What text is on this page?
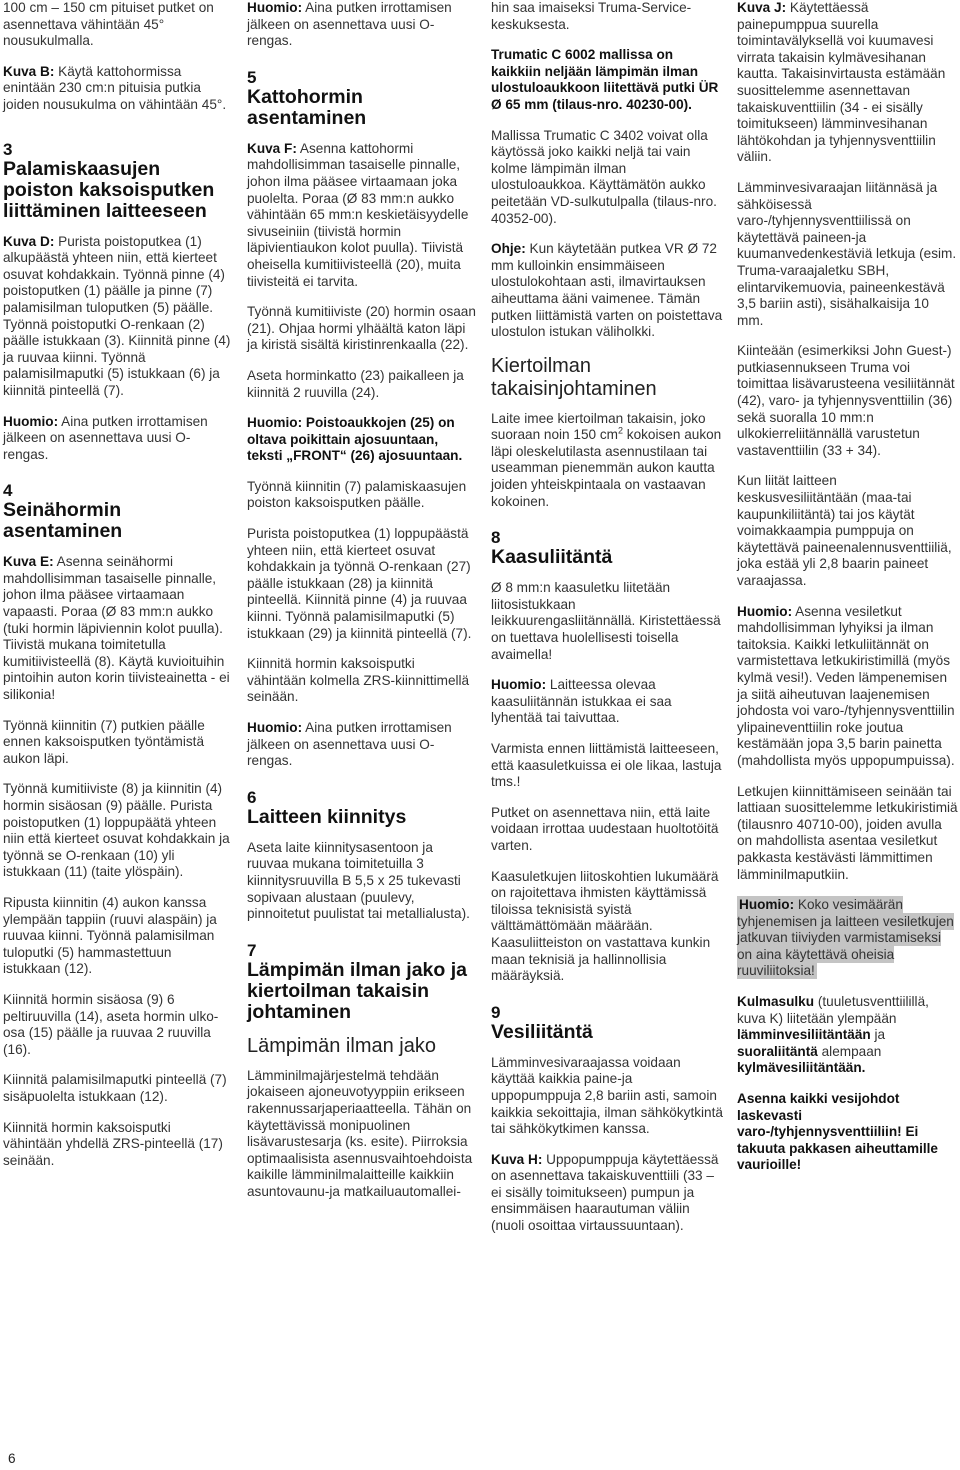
100 cm – 150 cm pituiset putket on asennettava vähintään 45° nousukulmalla.

Kuva B: Käytä kattohormissa enintään 230 cm:n pituisia putkia joiden nousukulma on vähintään 45°.

3
Palamiskaasujen poiston kaksoisputken liittäminen laitteeseen

Kuva D: Purista poistoputkea (1) alkupäästä yhteen niin, että kierteet osuvat kohdakkain. Työnnä pinne (4) poistoputken (1) päälle ja pinne (7) palamisilman tuloputken (5) päälle. Työnnä poistoputki O-renkaan (2) päälle istukkaan (3). Kiinnitä pinne (4) ja ruuvaa kiinni. Työnnä palamisilmaputki (5) istukkaan (6) ja kiinnitä pinteellä (7).

Huomio: Aina putken irrottamisen jälkeen on asennettava uusi O-rengas.

4
Seinähormin asentaminen

Kuva E: Asenna seinähormi mahdollisimman tasaiselle pinnalle, johon ilma pääsee virtaamaan vapaasti. Poraa (Ø 83 mm:n aukko (tuki hormin läpiviennin kolot puulla). Tiivistä mukana toimitetulla kumitiivisteellä (8). Käytä kuvioituihin pintoihin auton korin tiivisteainetta - ei silikonia!

Työnnä kiinnitin (7) putkien päälle ennen kaksoisputken työntämistä aukon läpi.

Työnnä kumitiiviste (8) ja kiinnitin (4) hormin sisäosan (9) päälle. Purista poistoputken (1) loppupäätä yhteen niin että kierteet osuvat kohdakkain ja työnnä se O-renkaan (10) yli istukkaan (11) (taite ylöspäin).

Ripusta kiinnitin (4) aukon kanssa ylempään tappiin (ruuvi alaspäin) ja ruuvaa kiinni. Työnnä palamisilman tuloputki (5) hammastettuun istukkaan (12).

Kiinnitä hormin sisäosa (9) 6 peltiruuvilla (14), aseta hormin ulko-osa (15) päälle ja ruuvaa 2 ruuvilla (16).

Kiinnitä palamisilmaputki pinteellä (7) sisäpuolelta istukkaan (12).

Kiinnitä hormin kaksoisputki vähintään yhdellä ZRS-pinteellä (17) seinään.

Huomio: Aina putken irrottamisen jälkeen on asennettava uusi O-rengas.

5
Kattohormin asentaminen

Kuva F: Asenna kattohormi mahdollisimman tasaiselle pinnalle, johon ilma pääsee virtaamaan joka puolelta. Poraa (Ø 83 mm:n aukko vähintään 65 mm:n keskietäisyydelle sivuseiniin (tiivistä hormin läpivientiaukon kolot puulla). Tiivistä oheisella kumitiivisteellä (20), muita tiivisteitä ei tarvita.

Työnnä kumitiiviste (20) hormin osaan (21). Ohjaa hormi ylhäältä katon läpi ja kiristä sisältä kiristinrenkaalla (22).

Aseta horminkatto (23) paikalleen ja kiinnitä 2 ruuvilla (24).

Huomio: Poistoaukkojen (25) on oltava poikittain ajosuuntaan, teksti „FRONT“ (26) ajosuuntaan.

Työnnä kiinnitin (7) palamiskaasujen poiston kaksoisputken päälle.

Purista poistoputkea (1) loppupäästä yhteen niin, että kierteet osuvat kohdakkain ja työnnä O-renkaan (27) päälle istukkaan (28) ja kiinnitä pinteellä. Kiinnitä pinne (4) ja ruuvaa kiinni. Työnnä palamisilmaputki (5) istukkaan (29) ja kiinnitä pinteellä (7).

Kiinnitä hormin kaksoisputki vähintään kolmella ZRS-kiinnittimellä seinään.

Huomio: Aina putken irrottamisen jälkeen on asennettava uusi O-rengas.

6
Laitteen kiinnitys

Aseta laite kiinnitysasentoon ja ruuvaa mukana toimitetuilla 3 kiinnitysruuvilla B 5,5 x 25 tukevasti sopivaan alustaan (puulevy, pinnoitetut puulistat tai metallialusta).

7
Lämpimän ilman jako ja kiertoilman takaisin johtaminen
Lämpimän ilman jako

Lämminilmajärjestelmä tehdään jokaiseen ajoneuvotyyppiin erikseen rakennussarjaperiaatteella. Tähän on käytettävissä monipuolinen lisävarustesarja (ks. esite). Piirroksia optimaalisista asennusvaihtoehdoista kaikille lämminilmalaitteille kaikkiin asuntovaunu-ja matkailuautomallei-

hin saa imaiseksi Truma-Service-keskuksesta.

Trumatic C 6002 mallissa on kaikkiin neljään lämpimän ilman ulostuloaukkoon liitettävä putki ÜR Ø 65 mm (tilaus-nro. 40230-00).

Mallissa Trumatic C 3402 voivat olla käytössä joko kaikki neljä tai vain kolme lämpimän ilman ulostuloaukkoa. Käyttämätön aukko peitetään VD-sulkutulpalla (tilaus-nro. 40352-00).

Ohje: Kun käytetään putkea VR Ø 72 mm kulloinkin ensimmäiseen ulostulokohtaan asti, ilmavirtauksen aiheuttama ääni vaimenee. Tämän putken liittämistä varten on poistettava ulostulon istukan väliholkki.

Kiertoilman takaisinjohtaminen

Laite imee kiertoilman takaisin, joko suoraan noin 150 $cm^2$ kokoisen aukon läpi oleskelutilasta asennustilaan tai useamman pienemmän aukon kautta joiden yhteiskpintaala on vastaavan kokoinen.

8
Kaasuliitäntä

Ø 8 mm:n kaasuletku liitetään liitosistukkaan leikkuurengasliitännällä. Kiristettäessä on tuettava huolellisesti toisella avaimella!

Huomio: Laitteessa olevaa kaasuliitännän istukkaa ei saa lyhentää tai taivuttaa.

Varmista ennen liittämistä laitteeseen, että kaasuletkuissa ei ole likaa, lastuja tms.!

Putket on asennettava niin, että laite voidaan irrottaa uudestaan huoltotöitä varten.

Kaasuletkujen liitoskohtien lukumäärä on rajoitettava ihmisten käyttämissä tiloissa teknisistä syistä välttämättömään määrään. Kaasuliitteiston on vastattava kunkin maan teknisiä ja hallinnollisia määräyksiä.

9
Vesiliitäntä

Lämminvesivaraajassa voidaan käyttää kaikkia paine-ja uppopumppuja 2,8 bariin asti, samoin kaikkia sekoittajia, ilman sähkökytkintä tai sähkökytkimen kanssa.

Kuva H: Uppopumppuja käytettäessä on asennettava takaiskuventtiili (33 – ei sisälly toimitukseen) pumpun ja ensimmäisen haarautuman väliin (nuoli osoittaa virtaussuuntaan).

Kuva J: Käytettäessä painepumppua suurella toimintavälyksellä voi kuumavesi virrata takaisin kylmävesihanan kautta. Takaisinvirtausta estämään suosittelemme asennettavan takaiskuventtiilin (34 - ei sisälly toimitukseen) lämminvesihanan lähtökohdan ja tyhjennysventtiilin väliin.

Lämminvesivaraajan liitännäsä ja sähköisessä varo-/tyhjennysventtiilissä on käytettävä paineen-ja kuumanvedenkestäviä letkuja (esim. Truma-varaajaletku SBH, elintarvikemuovia, paineenkestävä 3,5 bariin asti), sisähalkaisija 10 mm.

Kiinteään (esimerkiksi John Guest-) putkiasennukseen Truma voi toimittaa lisävarusteena vesiliitännät (42), varo- ja tyhjennysventtiilin (36) sekä suoralla 10 mm:n ulkokierreliitännällä varustetun vastaventtiilin (33 + 34).

Kun liität laitteen keskusvesiliitäntään (maa-tai kaupunkiliitäntä) tai jos käytät voimakkaampia pumppuja on käytettävä paineenalennusventtiiliä, joka estää yli 2,8 baarin paineet varaajassa.

Huomio: Asenna vesiletkut mahdollisimman lyhyiksi ja ilman taitoksia. Kaikki letkuliitännät on varmistettava letkukiristimillä (myös kylmä vesi!). Veden lämpenemisen ja siitä aiheutuvan laajenemisen johdosta voi varo-/tyhjennysventtiilin ylipaineventtiilin roke joutua kestämään jopa 3,5 barin painetta (mahdollista myös uppopumpuissa).

Letkujen kiinnittämiseen seinään tai lattiaan suosittelemme letkukiristimiä (tilausnro 40710-00), joiden avulla on mahdollista asentaa vesiletkut pakkasta kestävästi lämmittimen lämminilmaputkiin.

Huomio: Koko vesimäärän tyhjenemisen ja laitteen vesiletkujen jatkuvan tiiviyden varmistamiseksi on aina käytettävä oheisia ruuviliitoksia!

Kulmasulku (tuuletusventtiilillä, kuva K) liitetään ylempään lämminvesiliitäntään ja suoraliitäntä alempaan kylmävesiliitäntään.

Asenna kaikki vesijohdot laskevasti varo-/tyhjennysventtiiliin! Ei takuuta pakkasen aiheuttamille vaurioille!

6
